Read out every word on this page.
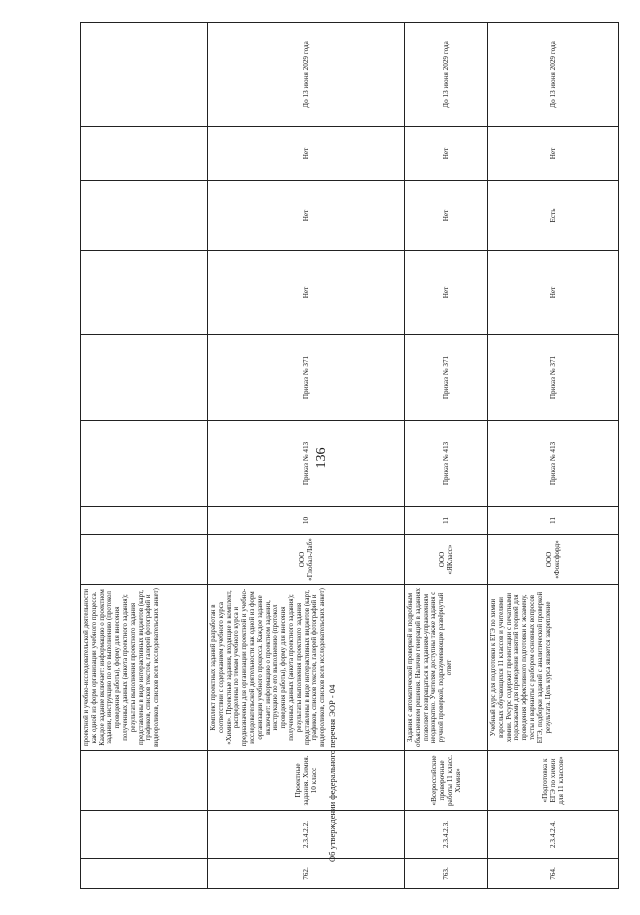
136
Об утверждении федерального перечня ЭОР - 04
			проектной и учебно-исследовательской деятельности как одной из форм организации учебного процесса. Каждое задание включает: информацию о проектном задании, инструкцию по его выполнению (протокол проведения работы), форму для внесения полученных данных (анкета проектного задания); результаты выполнения проектного задания представлены в виде интерактивных виджетов (карт, графиков, списков текстов, галерей фотографий и видеороликов, списков всех исследовательских анкет)								
762.	2.3.4.2.2.	Проектные задания. Химия. 10 класс	Комплект проектных заданий разработан в соответствии с содержанием учебного курса «Химия». Проектные задания, входящие в комплект, распределены по темам учебного курса и предназначены для организации проектной и учебно-исследовательской деятельности как одной из форм организации учебного процесса. Каждое задание включает: информацию о проектном задании, инструкцию по его выполнению (протокол проведения работы), форму для внесения полученных данных (анкета проектного задания); результаты выполнения проектного задания представлены в виде интерактивных виджетов (карт, графиков, списков текстов, галерей фотографий и видеороликов, списков всех исследовательских анкет)	ООО «Глобал-Лаб»	10	Приказ № 413	Приказ № 371	Нет	Нет	Нет	До 13 июня 2029 года
763.	2.3.4.2.3.	«Всероссийские проверочные работы 11 класс. Химия»	Задания с автоматической проверкой и подробным объяснением решения. Наличие генераций в заданиях позволяет возвращаться к заданиям-упражнениям неоднократно. Учителям доступны также задания с ручной проверкой, подразумевающие развёрнутый ответ	ООО «ЯКласс»	11	Приказ № 413	Приказ № 371	Нет	Нет	Нет	До 13 июня 2029 года
764.	2.3.4.2.4.	«Подготовка к ЕГЭ по химии для 11 классов»	Учебный курс для подготовки к ЕГЭ по химии взрослых обучающихся 11 классов и учителями химии. Ресурс содержит презентации с печатными подсказками для проведения занятий теорией для проведения эффективного подготовки к экзамену, тесты и варианты с разбором основных вопросов ЕГЭ, подборки заданий с аналитической проверкой результата. Цель курса является закрепление	ООО «Фоксфорд»	11	Приказ № 413	Приказ № 371	Нет	Есть	Нет	До 13 июня 2029 года
